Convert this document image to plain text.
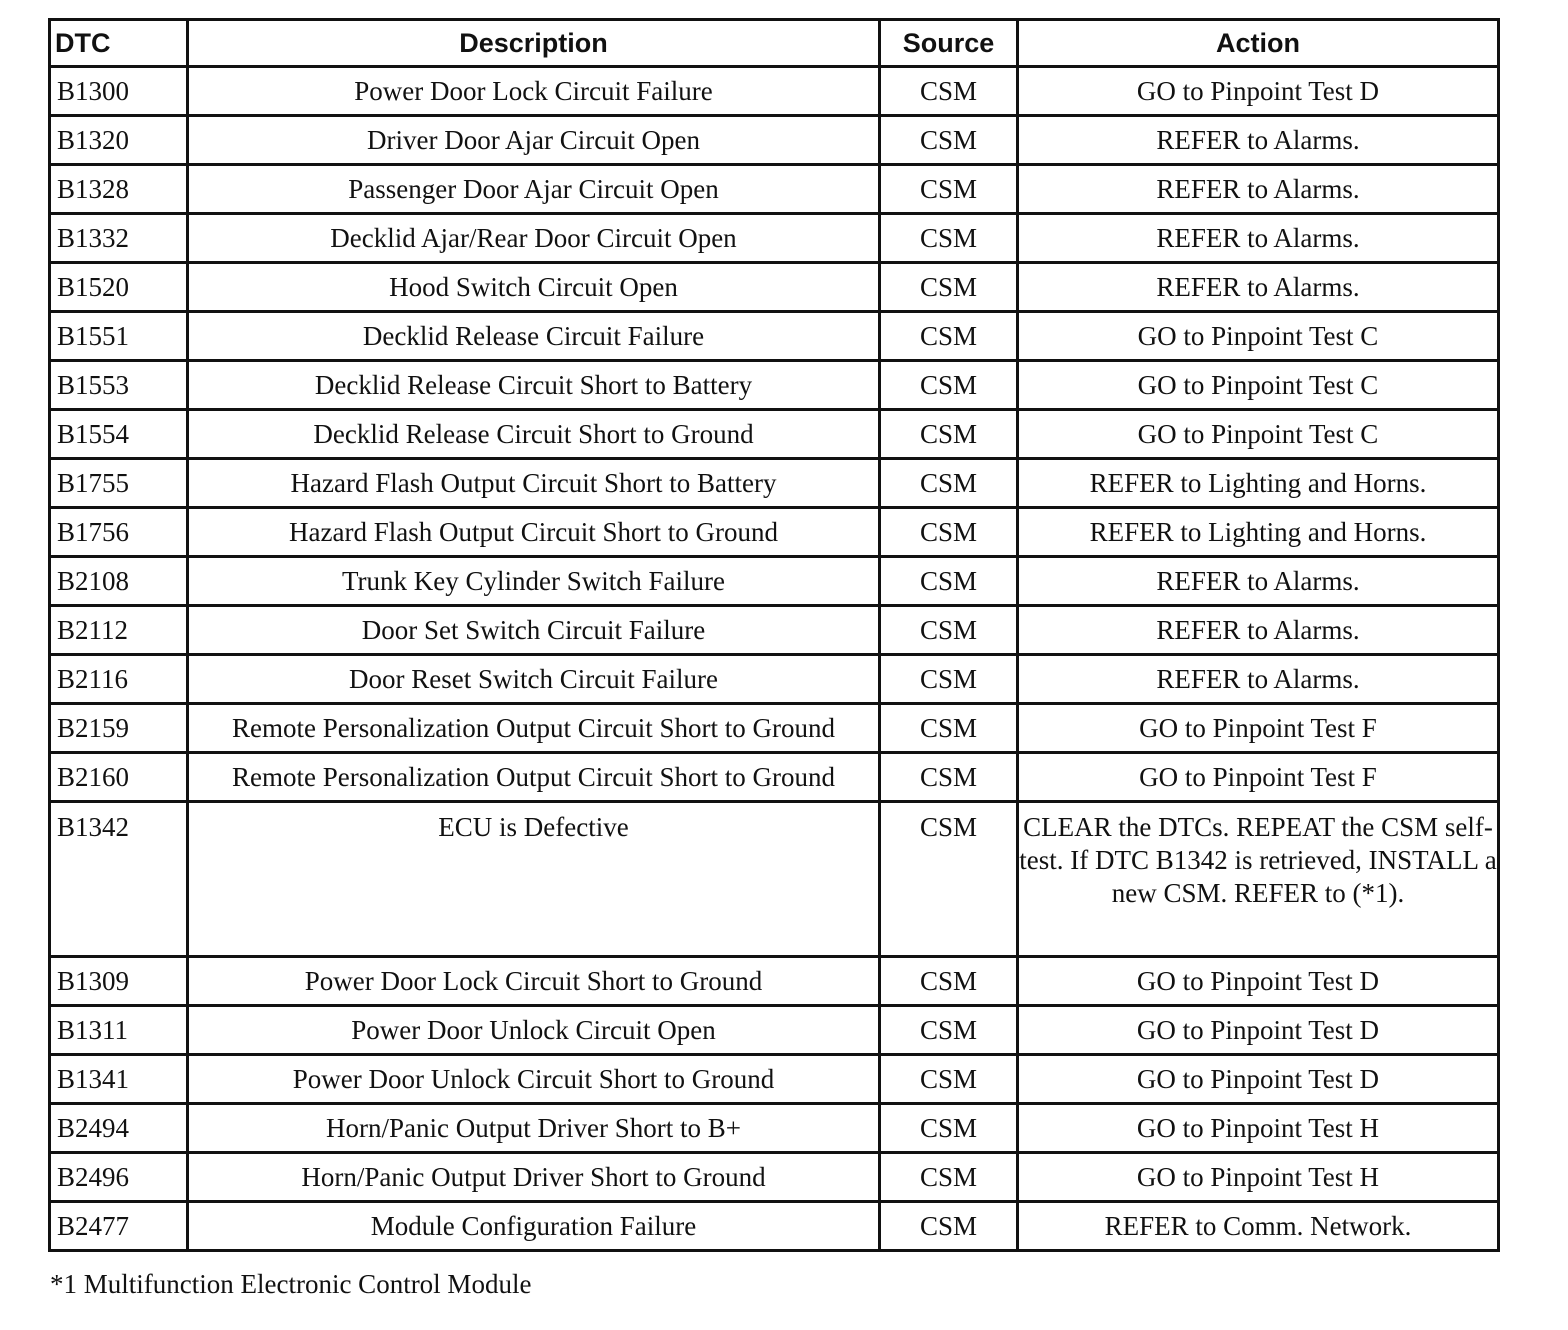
DTC	Description	Source	Action
B1300	Power Door Lock Circuit Failure	CSM	GO to Pinpoint Test D
B1320	Driver Door Ajar Circuit Open	CSM	REFER to Alarms.
B1328	Passenger Door Ajar Circuit Open	CSM	REFER to Alarms.
B1332	Decklid Ajar/Rear Door Circuit Open	CSM	REFER to Alarms.
B1520	Hood Switch Circuit Open	CSM	REFER to Alarms.
B1551	Decklid Release Circuit Failure	CSM	GO to Pinpoint Test C
B1553	Decklid Release Circuit Short to Battery	CSM	GO to Pinpoint Test C
B1554	Decklid Release Circuit Short to Ground	CSM	GO to Pinpoint Test C
B1755	Hazard Flash Output Circuit Short to Battery	CSM	REFER to Lighting and Horns.
B1756	Hazard Flash Output Circuit Short to Ground	CSM	REFER to Lighting and Horns.
B2108	Trunk Key Cylinder Switch Failure	CSM	REFER to Alarms.
B2112	Door Set Switch Circuit Failure	CSM	REFER to Alarms.
B2116	Door Reset Switch Circuit Failure	CSM	REFER to Alarms.
B2159	Remote Personalization Output Circuit Short to Ground	CSM	GO to Pinpoint Test F
B2160	Remote Personalization Output Circuit Short to Ground	CSM	GO to Pinpoint Test F
B1342	ECU is Defective	CSM	CLEAR the DTCs. REPEAT the CSM self-test. If DTC B1342 is retrieved, INSTALL a new CSM. REFER to (*1).
B1309	Power Door Lock Circuit Short to Ground	CSM	GO to Pinpoint Test D
B1311	Power Door Unlock Circuit Open	CSM	GO to Pinpoint Test D
B1341	Power Door Unlock Circuit Short to Ground	CSM	GO to Pinpoint Test D
B2494	Horn/Panic Output Driver Short to B+	CSM	GO to Pinpoint Test H
B2496	Horn/Panic Output Driver Short to Ground	CSM	GO to Pinpoint Test H
B2477	Module Configuration Failure	CSM	REFER to Comm. Network.
*1 Multifunction Electronic Control Module
